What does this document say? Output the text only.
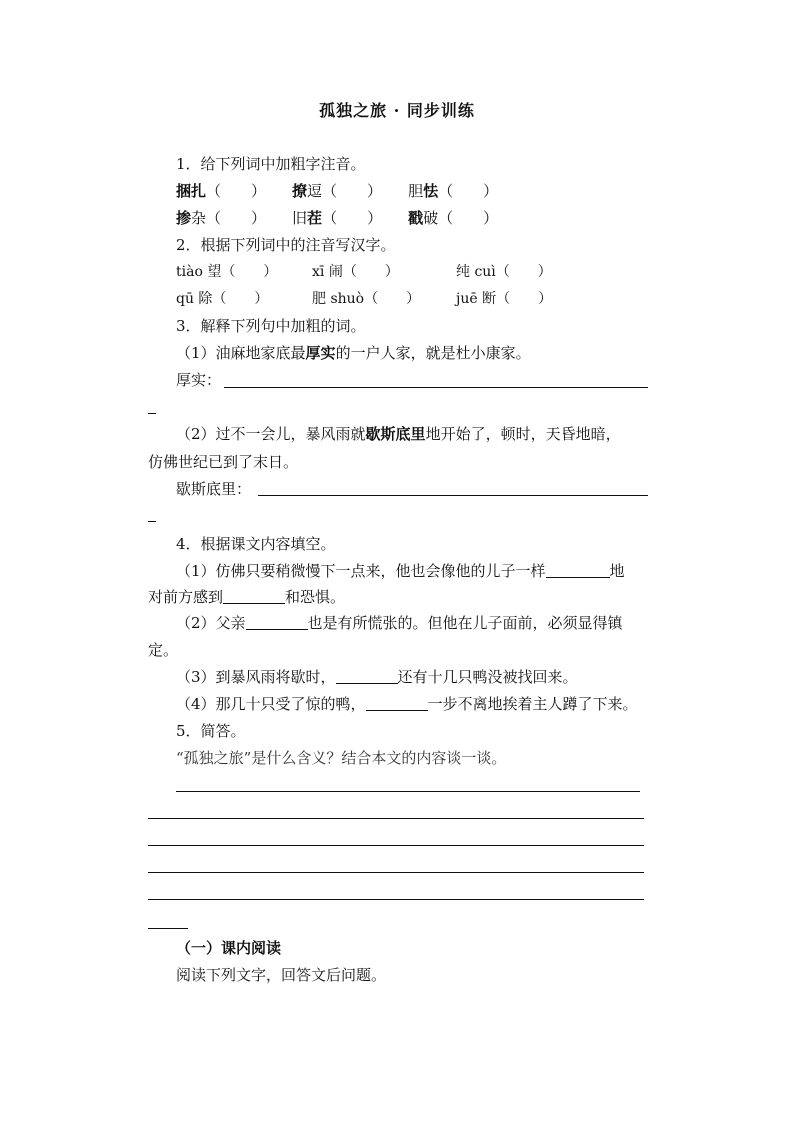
孤独之旅 · 同步训练
1．给下列词中加粗字注音。
捆扎（　　） 撩逗（　　） 胆怯（　　）
掺杂（　　） 旧茬（　　） 戳破（　　）
2．根据下列词中的注音写汉字。
tiào 望（　　） xī 闹（　　）	纯 cuì（　　）
qū 除（　　）	肥 shuò（　　）	juē 断（　　）
3．解释下列句中加粗的词。
（1）油麻地家底最厚实的一户人家，就是杜小康家。
厚实：
（2）过不一会儿，暴风雨就歇斯底里地开始了，顿时，天昏地暗，
仿佛世纪已到了末日。
歇斯底里：
4．根据课文内容填空。
（1）仿佛只要稍微慢下一点来，他也会像他的儿子一样	地
对前方感到	和恐惧。
（2）父亲	也是有所慌张的。但他在儿子面前，必须显得镇
定。
（3）到暴风雨将歇时，	还有十几只鸭没被找回来。
（4）那几十只受了惊的鸭，	一步不离地挨着主人蹲了下来。
5．简答。
“孤独之旅”是什么含义？结合本文的内容谈一谈。
（一）课内阅读
阅读下列文字，回答文后问题。
